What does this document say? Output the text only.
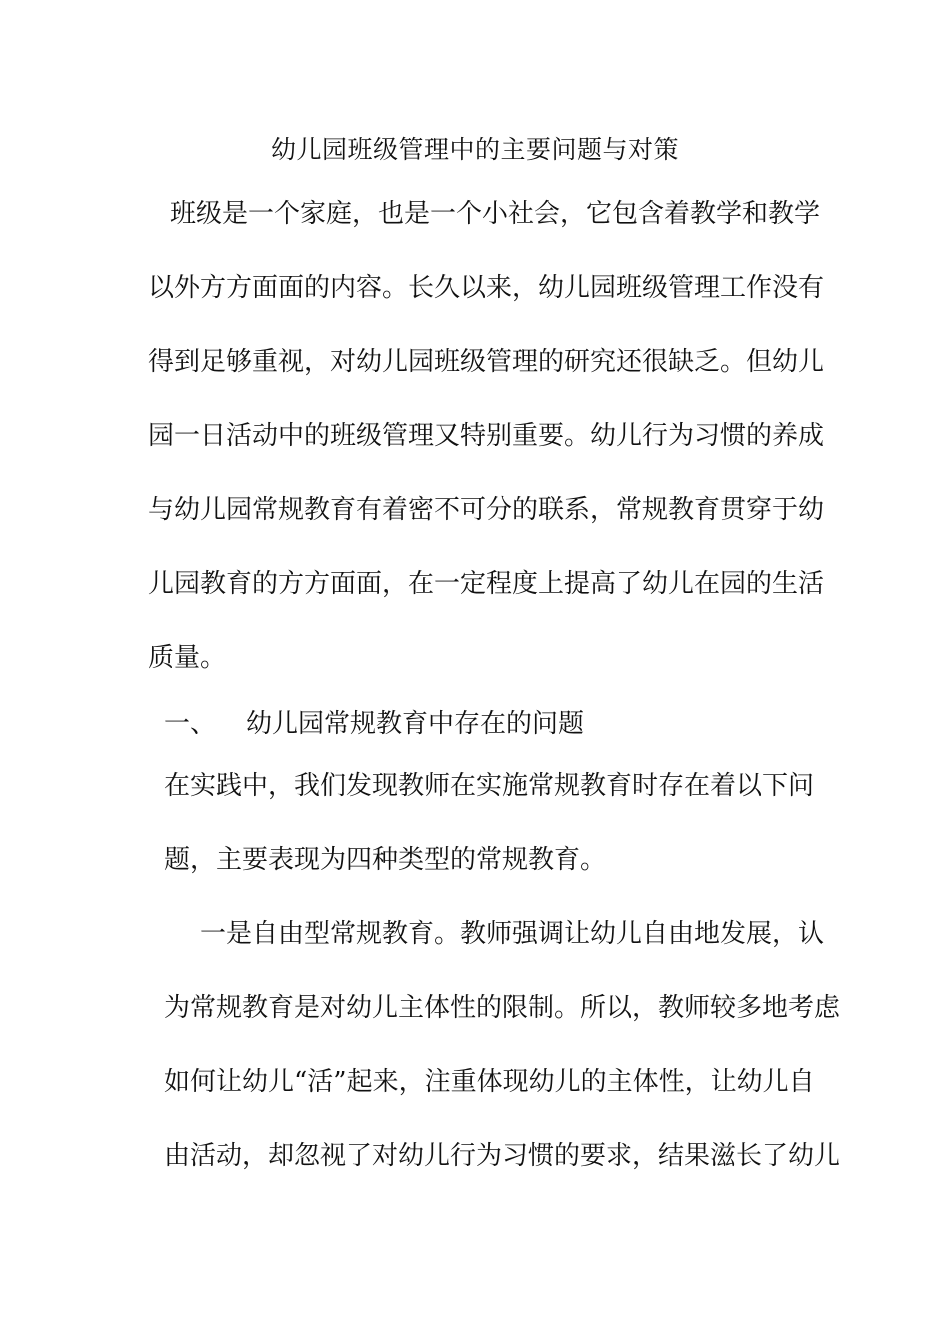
幼儿园班级管理中的主要问题与对策
班级是一个家庭，也是一个小社会，它包含着教学和教学
以外方方面面的内容。长久以来，幼儿园班级管理工作没有
得到足够重视，对幼儿园班级管理的研究还很缺乏。但幼儿
园一日活动中的班级管理又特别重要。幼儿行为习惯的养成
与幼儿园常规教育有着密不可分的联系，常规教育贯穿于幼
儿园教育的方方面面，在一定程度上提高了幼儿在园的生活
质量。
一、 幼儿园常规教育中存在的问题
在实践中，我们发现教师在实施常规教育时存在着以下问
题，主要表现为四种类型的常规教育。
一是自由型常规教育。教师强调让幼儿自由地发展，认
为常规教育是对幼儿主体性的限制。所以，教师较多地考虑
如何让幼儿“活”起来，注重体现幼儿的主体性，让幼儿自
由活动，却忽视了对幼儿行为习惯的要求，结果滋长了幼儿
